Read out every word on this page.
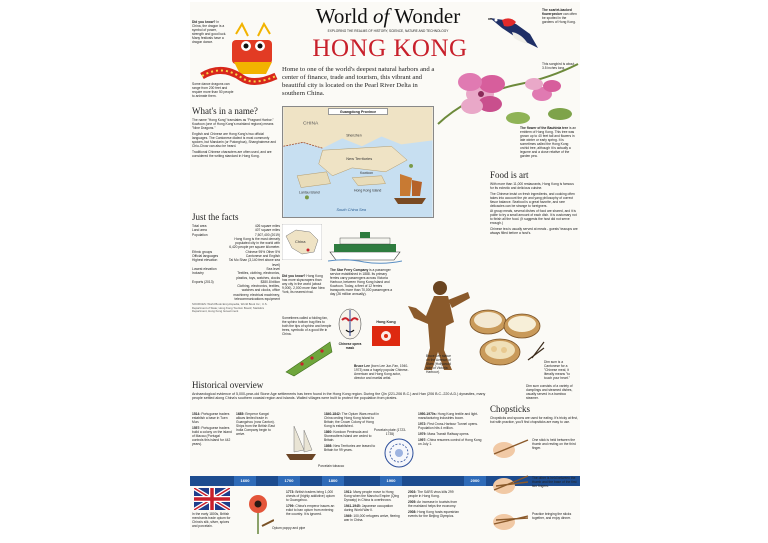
World of Wonder
EXPLORING THE REALMS OF HISTORY, SCIENCE, NATURE AND TECHNOLOGY
HONG KONG
Home to one of the world's deepest natural harbors and a center of finance, trade and tourism, this vibrant and beautiful city is located on the Pearl River Delta in southern China.
Did you know? In China, the dragon is a symbol of power, strength and good luck. Many festivals have a dragon dance.
Some dance dragons can range from 200 feet and require more than 50 people to animate them.
The scarlet-backed flowerpecker can often be spotted in the gardens of Hong Kong.
This songbird is about 3.5 inches long.
What's in a name?

The name "Hong Kong" translates as "Fragrant Harbor." Kowloon (one of Hong Kong's mainland regions) means "Nine Dragons."

English and Chinese are Hong Kong's two official languages. The Cantonese dialect is most commonly spoken, but Mandarin (or Putonghua), Shanghainese and Chiu-Chow can also be heard.

Traditional Chinese characters are often used, and are considered the writing standard in Hong Kong.

Just the facts
Total area	426 square miles
Land area	407 square miles
Population	7,507,400 (2019)
Hong Kong is the most densely populated city in the world with 6,420 people per square kilometer.
Ethnic groups	Chinese 95% Other 5%
Official languages	Cantonese and English
Highest elevation	Tai Mo Shan (3,140 feet above sea level)
Lowest elevation	Sea level
Industry	Textiles, clothing, electronics, plastics, toys, watches, clocks
Exports (2013)	$380.8 billion
Clothing, electronics, textiles, watches and clocks, office machinery, electrical machinery, telecommunications equipment
SOURCES: World Book Encyclopedia, World Book Inc.; U.S. Department of State; Hong Kong Tourism Board; Statistics Department, Hong Kong Government
CHINA
Shenzhen
New Territories
Kowloon
Hong Kong Island
Lantau Island
South China Sea
Guangdong Province
China
The Star Ferry Company is a passenger service established in 1888. Its primary ferries carry passengers across Victoria Harbour, between Hong Kong Island and Kowloon. Today, a fleet of 12 ferries transports more than 70,000 passengers a day (26 million annually).
Did you know? Hong Kong has more skyscrapers than any city in the world (about 9,000). 2,000 more than New York, its nearest rival.
Sometimes called a folding fan, the sphinx bottom bug flies to both the tips of sphinx and temple trees, symbolic of a good life in China.
Chinese opera mask
Hong Kong
Bruce Lee (born Lee Jun-Fan, 1940-1973) was a hugely popular Chinese-American and Hong Kong actor, director and martial artist.
Bruce Lee statue on the Avenue of Stars (Hollywood side of Victoria Harbour).
The flower of the Bauhinia tree is an emblem of Hong Kong. This tree was grown up to 40 feet tall and flowers in late winter or early spring. It is sometimes called the Hong Kong orchid tree, although it is actually a legume and a close relative of the garden pea.
Food is art

With more than 11,000 restaurants, Hong Kong is famous for its eclectic and delicious cuisine.

The Chinese insist on fresh ingredients, and cooking often takes into account the yin and yang philosophy of correct flavor balance. Seafood is a great favorite, and rare delicacies can be strange to foreigners.

At group meals, several dishes of food are shared, and it is polite to try a small amount of each dish. It is customary not to finish all the food. (It suggests the host did not serve enough.)

Chinese tea is usually served at meals - guests' teacups are always filled before a host's.

Dim sum is a Cantonese for a "Chinese meal, it literally means "to touch your heart."
Dim sum consists of a variety of dumplings and steamed dishes, usually served in a bamboo steamer.
Historical overview

Archaeological evidence of 5,000-year-old Stone Age settlements has been found in the Hong Kong region. During the Qin (221-206 B.C.) and Han (206 B.C.-220 A.D.) dynasties, many people settled along China's southern coastal region and islands. Walled villages were built to protect the population from pirates.

1514: Portuguese traders establish a base in Tuen Mun.

1557: Portuguese traders build a colony on the island of Macau (Portugal controls this island for 442 years).

1685: Emperor Kangxi allows limited trade in Guangzhou (now Canton). Ships from the British East India Company begin to arrive.

1840-1842: The Opium Wars result in China ceding Hong Kong Island to Britain; the Crown Colony of Hong Kong is established.

1860: Kowloon Peninsula and Stonecutters Island are ceded to Britain.

1898: New Territories are leased to Britain for 99 years.

1950-1970s: Hong Kong textile and light-manufacturing industries boom.

1972: First Cross-Harbour Tunnel opens. Population hits 4 million.

1979: Mass Transit Railway opens.

1997: China resumes control of Hong Kong on July 1.

Porcelain plate (1723-1735)
Porcelain tobacco
1600	1700	1800	1900	2000
In the early 1800s, British merchants trade opium for China's silk, silver, spices and porcelain.	Opium poppy and pipe

1773: British traders bring 1,000 chests of (highly addictive) opium to Guangzhou.

1799: China's emperor issues an edict to ban opium from entering the country. It is ignored.

1911: Many people move to Hong Kong when the Manchu Empire (Qing Dynasty) in China is overthrown.

1941-1945: Japanese occupation during World War II.

1949: 100,000 refugees arrive, fleeing war in China.

2003: The SARS virus kills 299 people in Hong Kong.

2005: An increase in tourists from the mainland helps the economy.

2008: Hong Kong hosts equestrian events for the Beijing Olympics.

Chopsticks

Chopsticks and spoons are used for eating. It's tricky at first, but with practice, you'll find chopsticks are easy to use.

One stick is held between the thumb and resting on the third finger.
The other is held between the thumb and the base of the first two fingers.
Practice bringing the sticks together, and enjoy dinner.
